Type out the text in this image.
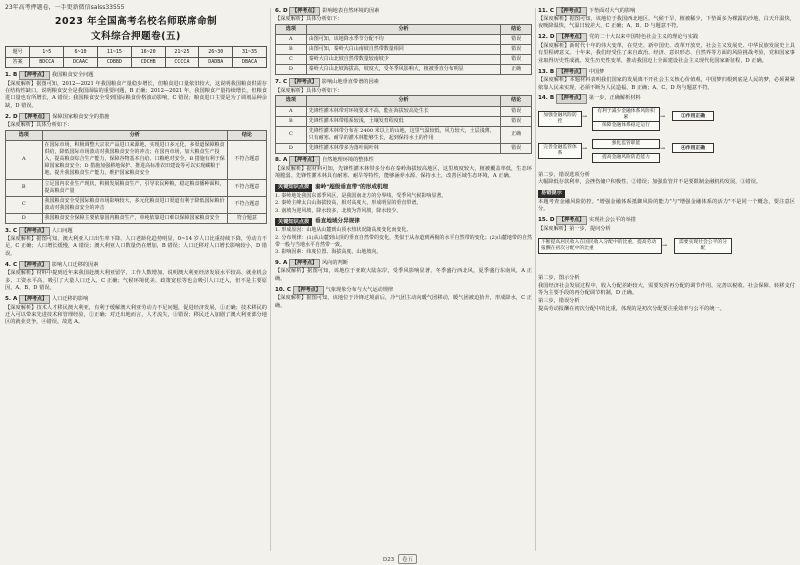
23年高考押题卷，一手更新微信salss33555
2023 年全国高考名校名师联席命制
文科综合押题卷(五)
题号	1~5	6~10	11~15	16~20	21~25	26~30	31~35
答案	BDCCA	DCAAC	CDBBD	CDCHB	CCCCA	DADBA	DBACA
1. B 【押考点】 我国粮食安全问题

【深度解析】据图可知，2012—2021 年我国粮食产量稳步增长，但粮食进口量依旧较大，这说明我国粮食供需存在结构性缺口，说明粮食安全是我国面临的重要问题，B 正确；2012—2021 年，我国粮食产量持续增长，但粮食进口量也有所增长，A 错误；我国粮食安全受到国际粮食价格波动影响，C 错误；粮食进口主要是为了调剂品种余缺，D 错误。

2. D 【押考点】 保障国家粮食安全的措施

【深度解析】具体分析如下：

选项	分析	结论
A	在国际市场，积极调整大宗农产品进口来源地，实现进口多元化，多渠道保障粮食供给，降低国际市场波动对我国粮食安全的冲击；在国内市场，加大粮食生产投入，提高粮食综合生产能力，保障谷物基本自给、口粮绝对安全，B 措施有利于保障国家粮食安全；D 措施加强耕地保护、推进高标准农田建设等可以实现藏粮于地，提升我国粮食生产能力，维护国家粮食安全	不符合题意
B	立足国内农业生产现状，积极发展粮食生产，引导农民种粮，稳定粮食播种面积，提高粮食产量	不符合题意
C	我国粮食安全受国际粮食市场影响较大，多元化粮食进口渠道有利于降低国际粮价波动对我国粮食安全的冲击	不符合题意
D	我国粮食安全保障主要依靠国内粮食生产，单纯依靠进口难以保障国家粮食安全	符合题意
3. C 【押考点】 人口问题

【深度解析】据图可知，澳大利亚人口出生率下降、人口老龄化趋势明显，0~14 岁人口比重持续下降，劳动力不足，C 正确；人口增长缓慢，A 错误；澳大利亚人口数量仍在增加，B 错误；人口迁移对人口增长影响较小，D 错误。

4. C 【押考点】 影响人口迁移的因素

【深度解析】材料中提到近年来我国赴澳大利亚留学、工作人数增加，说明澳大利亚经济发展水平较高、就业机会多、工资水平高，吸引了大量人口迁入，C 正确；气候环境优美、政策宽松等也会吸引人口迁入，但不是主要原因，A、B、D 错误。

5. A 【押考点】 人口迁移的影响

【深度解析】技术人才移民澳大利亚，有利于缓解澳大利亚劳动力不足问题，促进经济发展，①正确；技术移民的迁入可以带来先进技术和管理经验，②正确；对迁出地而言，人才流失，③错误；移民迁入加剧了澳大利亚部分地区的就业竞争，④错误。故选 A。

6. D 【押考点】 影响地表自然环境的因素

【深度解析】具体分析如下：

选项	分析	结论
A	由图可知，该地降水季节分配不均	错误
B	由图可知，秦岭大白山南坡自然带数量相同	错误
C	秦岭大白山北坡自然带数量较南坡少	错误
D	秦岭大白山北坡海拔高，坡度大，受冬季风影响大，植被垂直分布明显	正确
7. C 【押考点】 影响山地垂直带谱的因素

【深度解析】具体分析如下：

选项	分析	结论
A	先锋性灌木林带对环境要求不高，能在海拔较高处生长	错误
B	先锋性灌木林带根系较浅，土壤发育程度低	错误
C	先锋性灌木林带分布在 2400 米以上的山地，这里气温较低，风力较大，土层浅薄，只有耐寒、耐旱的灌木林能够生长，起到保持水土的作用	正确
D	先锋性灌木林带多为落叶阔叶林	错误
8. A 【押考点】 自然地理环境的整体性

【深度解析】据材料可知，先锋性灌木林带多分布在秦岭海拔较高地区，这里坡度较大，植被覆盖率低，生态环境脆弱。先锋性灌木林具有耐寒、耐旱等特性，能够涵养水源、保持水土，改善区域生态环境，A 正确。

关键知识点拨 秦岭"超级垂直带"的形成机理

1. 秦岭地处我国东部季风区，是我国南北方的分界线，受季风气候影响显著。

2. 秦岭主峰太白山海拔较高，相对高度大，形成明显的垂直带谱。

3. 南坡为迎风坡，降水较多，北坡为背风坡，降水较少。

关键知识点拨 垂直地域分异规律

1. 形成原因：山地从山麓到山顶水热状况随高度变化而变化。

2. 分布规律：(1)从山麓到山顶的垂直自然带的变化，类似于从赤道到两极的水平自然带的变化；(2)山麓地带的自然带一般与当地水平自然带一致。

3. 影响因素：纬度位置、海拔高度、山地坡向。

9. A 【押考点】 风向的判断

【深度解析】据图可知，该地位于亚欧大陆东岸，受季风影响显著，冬季盛行西北风，夏季盛行东南风，A 正确。

10. C 【押考点】 气象现象分布与大气运动规律

【深度解析】据图可知，该地位于冷锋过境前后，冷气团主动向暖气团移动，暖气团被迫抬升，形成降水，C 正确。

11. C 【押考点】 下垫面对大气的影响

【深度解析】据图可知，该地位于我国西北地区，气候干旱，植被稀少，下垫面多为裸露的沙地，白天升温快，夜晚降温快，气温日较差大，C 正确；A、B、D 与题意不符。

12. D 【押考点】 党的二十大以来中国特色社会主义的理论与实践

【深度解析】新时代十年的伟大变革，在党史、新中国史、改革开放史、社会主义发展史、中华民族发展史上具有里程碑意义。十年来，我们经受住了来自政治、经济、意识形态、自然界等方面的风险挑战考验，党和国家事业取得历史性成就、发生历史性变革，推动我国迈上全面建设社会主义现代化国家新征程，D 正确。

13. B 【押考点】 中国梦

【深度解析】本题材料表明我们国家的发展离不开社会主义核心价值观，中国梦归根到底是人民的梦，必须紧紧依靠人民来实现，必须不断为人民造福，B 正确；A、C、D 均与题意不符。

14. B 【押考点】 第一步，正确解析材料
加强金融风险防控
→
有利于减少金融体系风险积累
保障金融体系稳定运行
→	①作用正确
完善金融监管体系
→
强化监管职能
提高金融风险防范能力
→	④作用正确

第二步，错误选项分析

大幅降低存款利率，会挫伤储户积极性，②错误；加强监管并不是要限制金融机构发展，③错误。

易错提示

本题考查金融风险防控。"增强金融体系抵御风险的能力"与"增强金融体系的活力"不是同一个概念，要注意区分。

15. D 【押考点】 实现社会公平的举措

【深度解析】第一步，提问分析

不断提高居民收入在国民收入分配中的比重，提高劳动报酬在初次分配中的比重	→	需要实现社会公平的分配

第二步，图示分析

我国经济社会发展过程中，收入分配差距较大，需要发挥再分配的调节作用，完善以税收、社会保障、转移支付等为主要手段的再分配调节机制，D 正确。

第三步，错误分析

提高劳动报酬在初次分配中的比重，体现的是初次分配要注重效率与公平的统一。

D23 卷五
